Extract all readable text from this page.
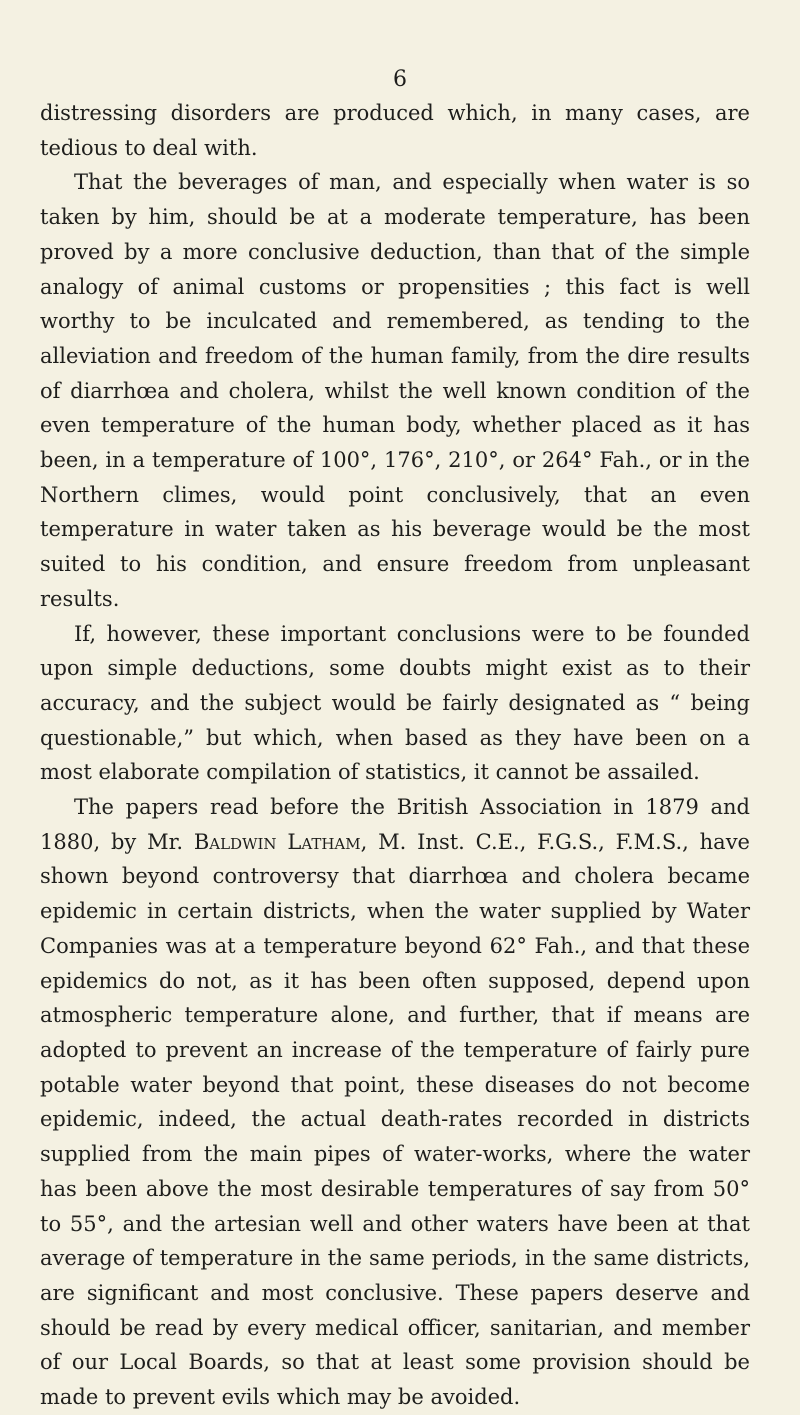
6

distressing disorders are produced which, in many cases, are tedious to deal with.

That the beverages of man, and especially when water is so taken by him, should be at a moderate temperature, has been proved by a more conclusive deduction, than that of the simple analogy of animal customs or propensities ; this fact is well worthy to be inculcated and remembered, as tending to the alleviation and freedom of the human family, from the dire results of diarrhœa and cholera, whilst the well known condition of the even temperature of the human body, whether placed as it has been, in a temperature of 100°, 176°, 210°, or 264° Fah., or in the Northern climes, would point conclusively, that an even temperature in water taken as his beverage would be the most suited to his condition, and ensure freedom from unpleasant results.

If, however, these important conclusions were to be founded upon simple deductions, some doubts might exist as to their accuracy, and the subject would be fairly designated as “ being questionable,” but which, when based as they have been on a most elaborate compilation of statistics, it cannot be assailed.

The papers read before the British Association in 1879 and 1880, by Mr. Baldwin Latham, M. Inst. C.E., F.G.S., F.M.S., have shown beyond controversy that diarrhœa and cholera became epidemic in certain districts, when the water supplied by Water Companies was at a temperature beyond 62° Fah., and that these epidemics do not, as it has been often supposed, depend upon atmospheric temperature alone, and further, that if means are adopted to prevent an increase of the temperature of fairly pure potable water beyond that point, these diseases do not become epidemic, indeed, the actual death-rates recorded in districts supplied from the main pipes of water-works, where the water has been above the most desirable temperatures of say from 50° to 55°, and the artesian well and other waters have been at that average of temperature in the same periods, in the same districts, are significant and most conclusive. These papers deserve and should be read by every medical officer, sanitarian, and member of our Local Boards, so that at least some provision should be made to prevent evils which may be avoided.
